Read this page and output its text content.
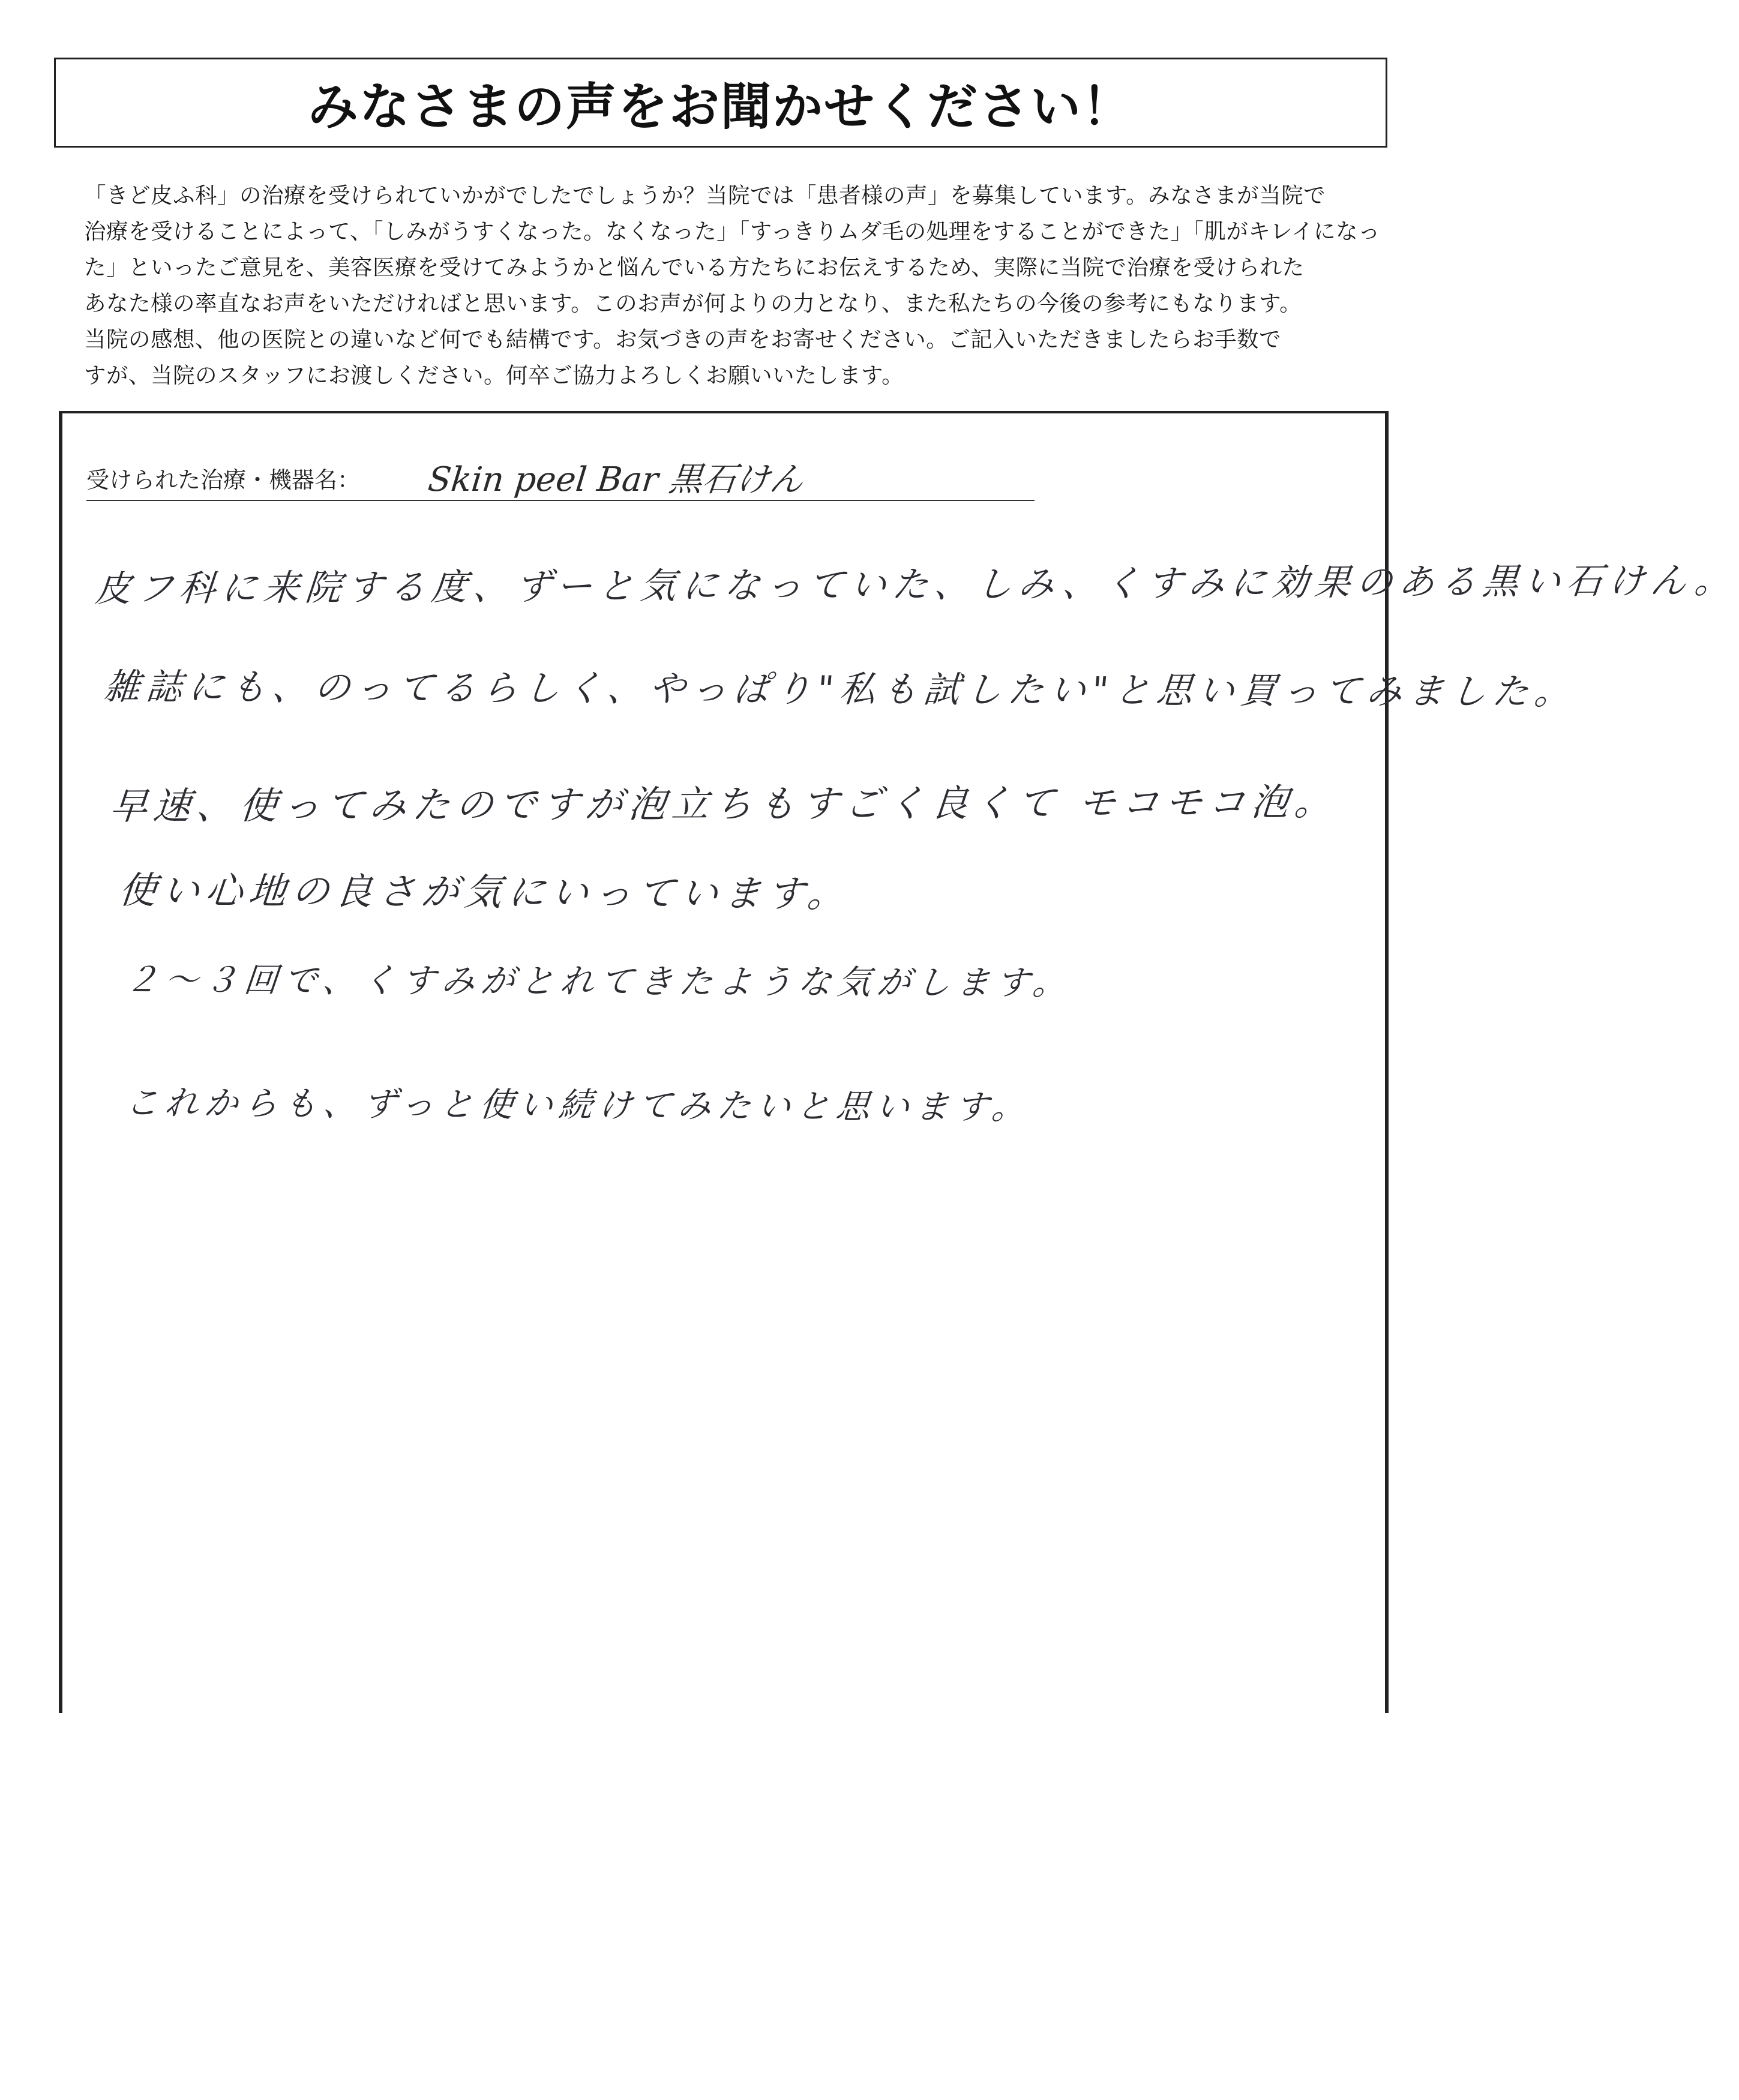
みなさまの声をお聞かせください！
「きど皮ふ科」の治療を受けられていかがでしたでしょうか？当院では「患者様の声」を募集しています。みなさまが当院で
治療を受けることによって、「しみがうすくなった。なくなった」「すっきりムダ毛の処理をすることができた」「肌がキレイになっ
た」といったご意見を、美容医療を受けてみようかと悩んでいる方たちにお伝えするため、実際に当院で治療を受けられた
あなた様の率直なお声をいただければと思います。このお声が何よりの力となり、また私たちの今後の参考にもなります。
当院の感想、他の医院との違いなど何でも結構です。お気づきの声をお寄せください。ご記入いただきましたらお手数で
すが、当院のスタッフにお渡しください。何卒ご協力よろしくお願いいたします。
受けられた治療・機器名： Skin peel Bar 黒石けん
皮フ科に来院する度、ずーと気になっていた、しみ、くすみに効果のある黒い石けん。
雑誌にも、のってるらしく、やっぱり"私も試したい"と思い買ってみました。
早速、使ってみたのですが泡立ちもすごく良くて モコモコ泡。
使い心地の良さが気にいっています。
２～３回で、くすみがとれてきたような気がします。
これからも、ずっと使い続けてみたいと思います。
